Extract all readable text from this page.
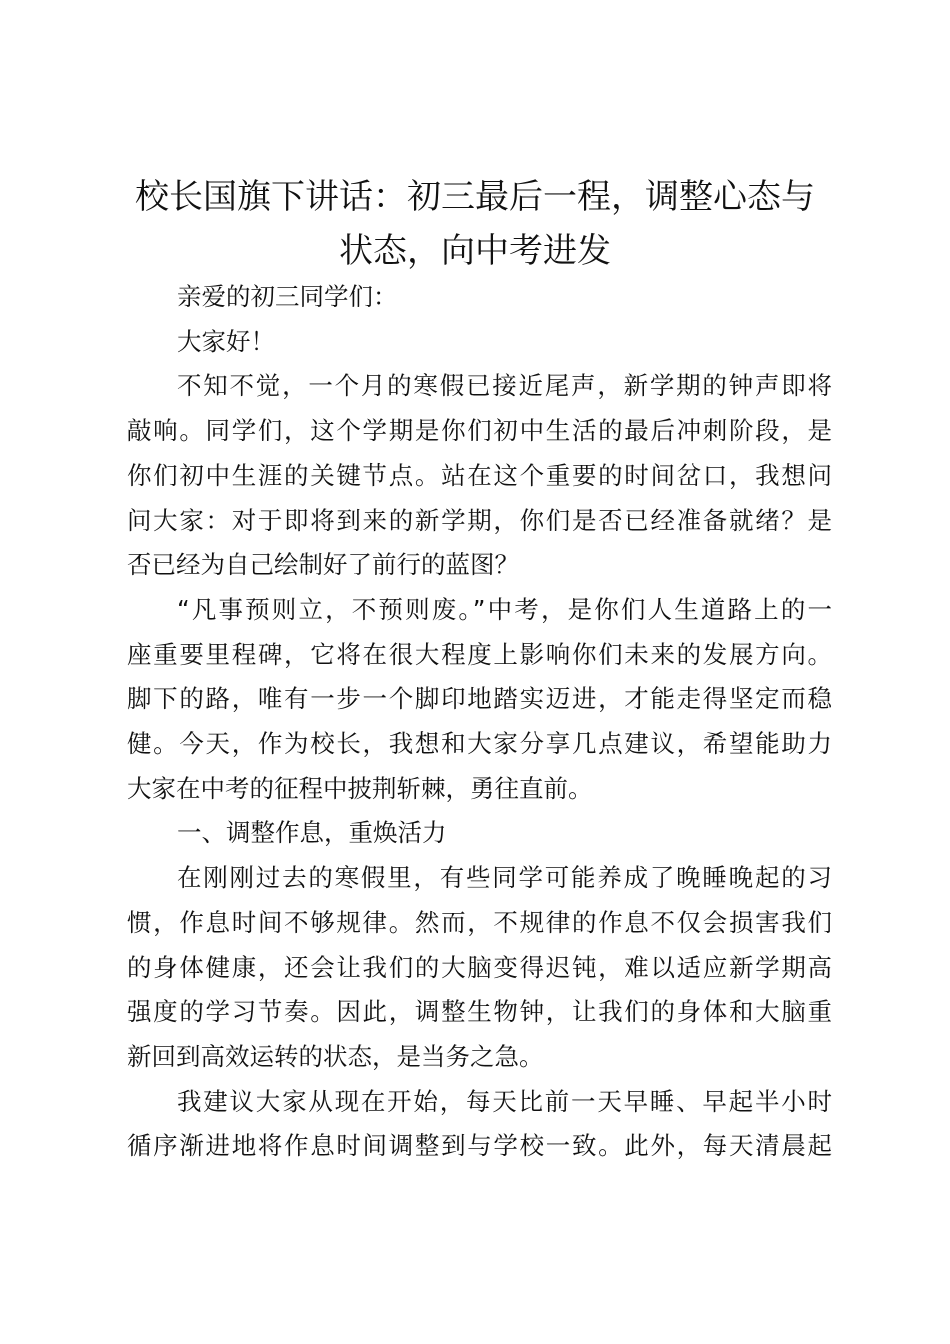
校长国旗下讲话：初三最后一程，调整心态与
状态，向中考进发
亲爱的初三同学们：
大家好！
不知不觉，一个月的寒假已接近尾声，新学期的钟声即将
敲响。同学们，这个学期是你们初中生活的最后冲刺阶段，是
你们初中生涯的关键节点。站在这个重要的时间岔口，我想问
问大家：对于即将到来的新学期，你们是否已经准备就绪？是
否已经为自己绘制好了前行的蓝图？
“凡事预则立，不预则废。”中考，是你们人生道路上的一
座重要里程碑，它将在很大程度上影响你们未来的发展方向。
脚下的路，唯有一步一个脚印地踏实迈进，才能走得坚定而稳
健。今天，作为校长，我想和大家分享几点建议，希望能助力
大家在中考的征程中披荆斩棘，勇往直前。
一、调整作息，重焕活力
在刚刚过去的寒假里，有些同学可能养成了晚睡晚起的习
惯，作息时间不够规律。然而，不规律的作息不仅会损害我们
的身体健康，还会让我们的大脑变得迟钝，难以适应新学期高
强度的学习节奏。因此，调整生物钟，让我们的身体和大脑重
新回到高效运转的状态，是当务之急。
我建议大家从现在开始，每天比前一天早睡、早起半小时
循序渐进地将作息时间调整到与学校一致。此外，每天清晨起
